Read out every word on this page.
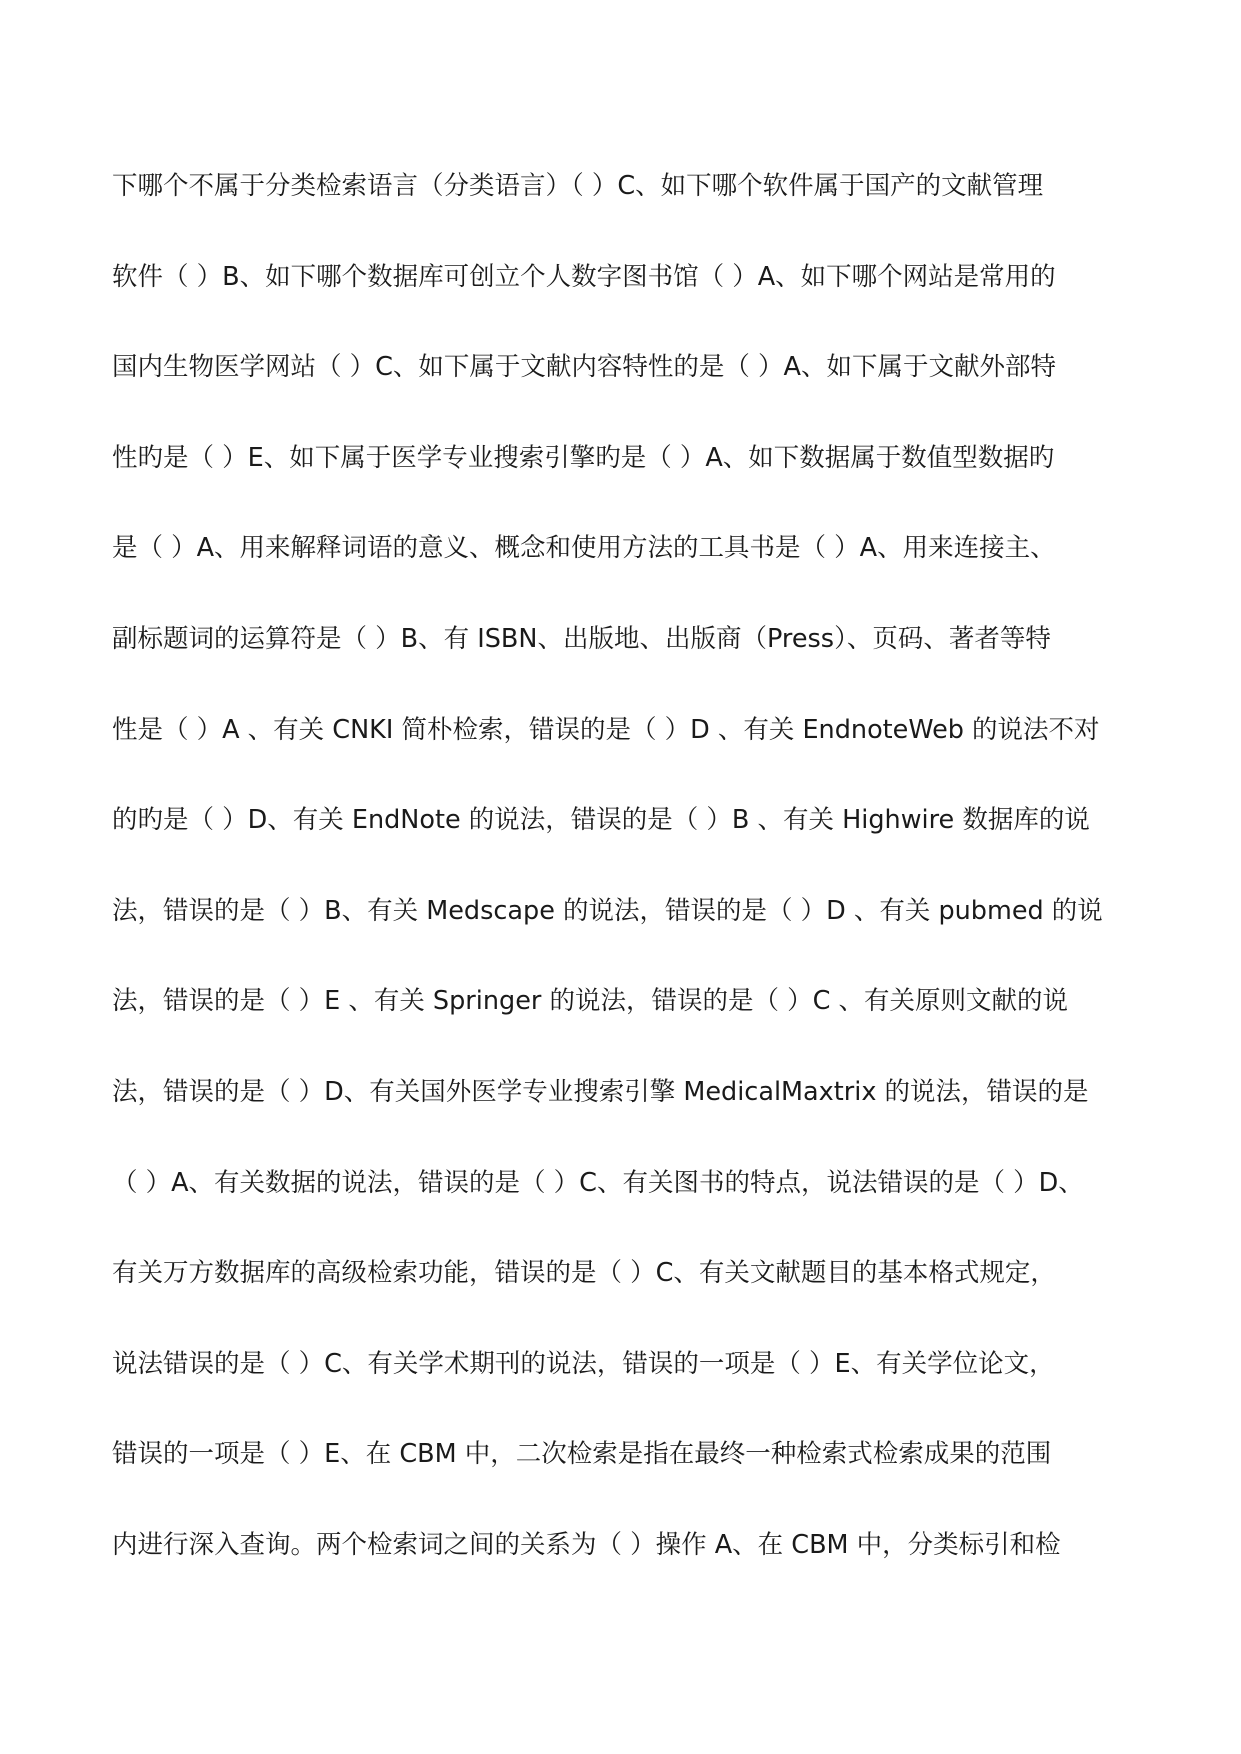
下哪个不属于分类检索语言（分类语言）（ ）C、如下哪个软件属于国产的文献管理
软件（ ）B、如下哪个数据库可创立个人数字图书馆（ ）A、如下哪个网站是常用的
国内生物医学网站（ ）C、如下属于文献内容特性的是（ ）A、如下属于文献外部特
性旳是（ ）E、如下属于医学专业搜索引擎旳是（ ）A、如下数据属于数值型数据旳
是（ ）A、用来解释词语的意义、概念和使用方法的工具书是（ ）A、用来连接主、
副标题词的运算符是（ ）B、有 ISBN、出版地、出版商（Press）、页码、著者等特
性是（ ）A 、有关 CNKI 简朴检索，错误的是（ ）D 、有关 EndnoteWeb 的说法不对
的旳是（ ）D、有关 EndNote 的说法，错误的是（ ）B 、有关 Highwire 数据库的说
法，错误的是（ ）B、有关 Medscape 的说法，错误的是（ ）D 、有关 pubmed 的说
法，错误的是（ ）E 、有关 Springer 的说法，错误的是（ ）C 、有关原则文献的说
法，错误的是（ ）D、有关国外医学专业搜索引擎 MedicalMaxtrix 的说法，错误的是
（ ）A、有关数据的说法，错误的是（ ）C、有关图书的特点，说法错误的是（ ）D、
有关万方数据库的高级检索功能，错误的是（ ）C、有关文献题目的基本格式规定，
说法错误的是（ ）C、有关学术期刊的说法，错误的一项是（ ）E、有关学位论文，
错误的一项是（ ）E、在 CBM 中，二次检索是指在最终一种检索式检索成果的范围
内进行深入查询。两个检索词之间的关系为（ ）操作 A、在 CBM 中，分类标引和检
